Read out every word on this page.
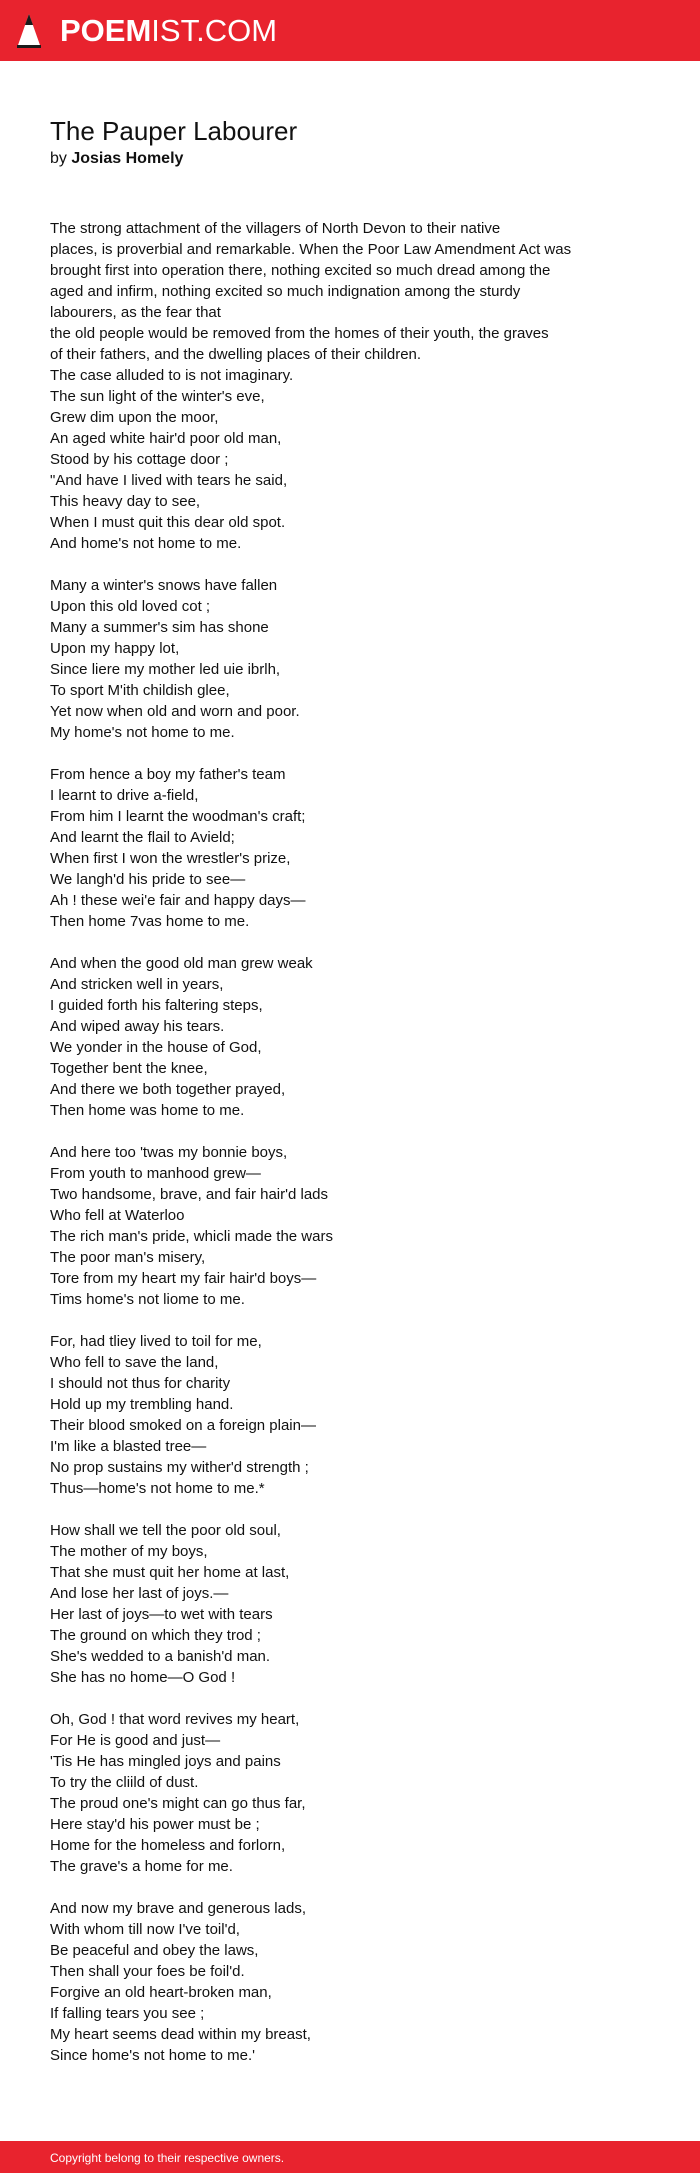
POEMIST.COM
The Pauper Labourer
by Josias Homely
The strong attachment of the villagers of North Devon to their native
places, is proverbial and remarkable. When the Poor Law Amendment Act was
brought first into operation there, nothing excited so much dread among the
aged and infirm, nothing excited so much indignation among the sturdy
labourers, as the fear that
the old people would be removed from the homes of their youth, the graves
of their fathers, and the dwelling places of their children.
The case alluded to is not imaginary.
The sun light of the winter's eve,
Grew dim upon the moor,
An aged white hair'd poor old man,
Stood by his cottage door ;
"And have I lived with tears he said,
This heavy day to see,
When I must quit this dear old spot.
And home's not home to me.
Many a winter's snows have fallen
Upon this old loved cot ;
Many a summer's sim has shone
Upon my happy lot,
Since liere my mother led uie ibrlh,
To sport M'ith childish glee,
Yet now when old and worn and poor.
My home's not home to me.
From hence a boy my father's team
I learnt to drive a-field,
From him I learnt the woodman's craft;
And learnt the flail to Avield;
When first I won the wrestler's prize,
We langh'd his pride to see—
Ah ! these wei'e fair and happy days—
Then home 7vas home to me.
And when the good old man grew weak
And stricken well in years,
I guided forth his faltering steps,
And wiped away his tears.
We yonder in the house of God,
Together bent the knee,
And there we both together prayed,
Then home was home to me.
And here too 'twas my bonnie boys,
From youth to manhood grew—
Two handsome, brave, and fair hair'd lads
Who fell at Waterloo
The rich man's pride, whicli made the wars
The poor man's misery,
Tore from my heart my fair hair'd boys—
Tims home's not liome to me.
For, had tliey lived to toil for me,
Who fell to save the land,
I should not thus for charity
Hold up my trembling hand.
Their blood smoked on a foreign plain—
I'm like a blasted tree—
No prop sustains my wither'd strength ;
Thus—home's not home to me.*
How shall we tell the poor old soul,
The mother of my boys,
That she must quit her home at last,
And lose her last of joys.—
Her last of joys—to wet with tears
The ground on which they trod ;
She's wedded to a banish'd man.
She has no home—O God !
Oh, God ! that word revives my heart,
For He is good and just—
'Tis He has mingled joys and pains
To try the cliild of dust.
The proud one's might can go thus far,
Here stay'd his power must be ;
Home for the homeless and forlorn,
The grave's a home for me.
And now my brave and generous lads,
With whom till now I've toil'd,
Be peaceful and obey the laws,
Then shall your foes be foil'd.
Forgive an old heart-broken man,
If falling tears you see ;
My heart seems dead within my breast,
Since home's not home to me.'
Copyright belong to their respective owners.
